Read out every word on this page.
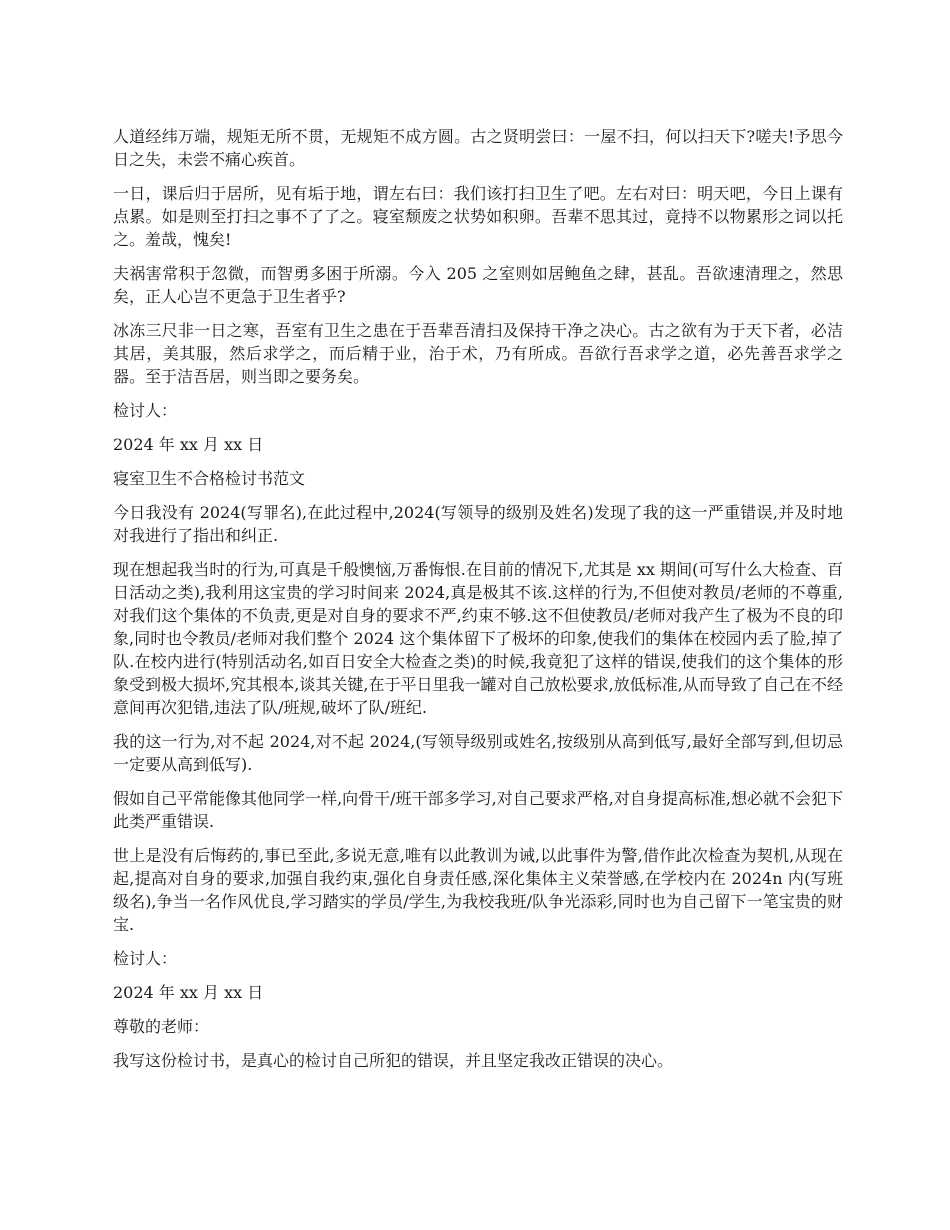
人道经纬万端，规矩无所不贯，无规矩不成方圆。古之贤明尝曰：一屋不扫，何以扫天下?嗟夫!予思今日之失，未尝不痛心疾首。

一日，课后归于居所，见有垢于地，谓左右曰：我们该打扫卫生了吧。左右对曰：明天吧，今日上课有点累。如是则至打扫之事不了了之。寝室颓废之状势如积卵。吾辈不思其过，竟持不以物累形之词以托之。羞哉，愧矣!

夫祸害常积于忽微，而智勇多困于所溺。今入 205 之室则如居鲍鱼之肆，甚乱。吾欲速清理之，然思矣，正人心岂不更急于卫生者乎?

冰冻三尺非一日之寒，吾室有卫生之患在于吾辈吾清扫及保持干净之决心。古之欲有为于天下者，必洁其居，美其服，然后求学之，而后精于业，治于术，乃有所成。吾欲行吾求学之道，必先善吾求学之器。至于洁吾居，则当即之要务矣。

检讨人：

2024 年 xx 月 xx 日

寝室卫生不合格检讨书范文

今日我没有 2024(写罪名),在此过程中,2024(写领导的级别及姓名)发现了我的这一严重错误,并及时地对我进行了指出和纠正.

现在想起我当时的行为,可真是千般懊恼,万番悔恨.在目前的情况下,尤其是 xx 期间(可写什么大检查、百日活动之类),我利用这宝贵的学习时间来 2024,真是极其不该.这样的行为,不但使对教员/老师的不尊重,对我们这个集体的不负责,更是对自身的要求不严,约束不够.这不但使教员/老师对我产生了极为不良的印象,同时也令教员/老师对我们整个 2024 这个集体留下了极坏的印象,使我们的集体在校园内丢了脸,掉了队.在校内进行(特别活动名,如百日安全大检查之类)的时候,我竟犯了这样的错误,使我们的这个集体的形象受到极大损坏,究其根本,谈其关键,在于平日里我一罐对自己放松要求,放低标准,从而导致了自己在不经意间再次犯错,违法了队/班规,破坏了队/班纪.

我的这一行为,对不起 2024,对不起 2024,(写领导级别或姓名,按级别从高到低写,最好全部写到,但切忌一定要从高到低写).

假如自己平常能像其他同学一样,向骨干/班干部多学习,对自己要求严格,对自身提高标准,想必就不会犯下此类严重错误.

世上是没有后悔药的,事已至此,多说无意,唯有以此教训为诫,以此事件为警,借作此次检查为契机,从现在起,提高对自身的要求,加强自我约束,强化自身责任感,深化集体主义荣誉感,在学校内在 2024n 内(写班级名),争当一名作风优良,学习踏实的学员/学生,为我校我班/队争光添彩,同时也为自己留下一笔宝贵的财宝.

检讨人：

2024 年 xx 月 xx 日

尊敬的老师：

我写这份检讨书，是真心的检讨自己所犯的错误，并且坚定我改正错误的决心。
